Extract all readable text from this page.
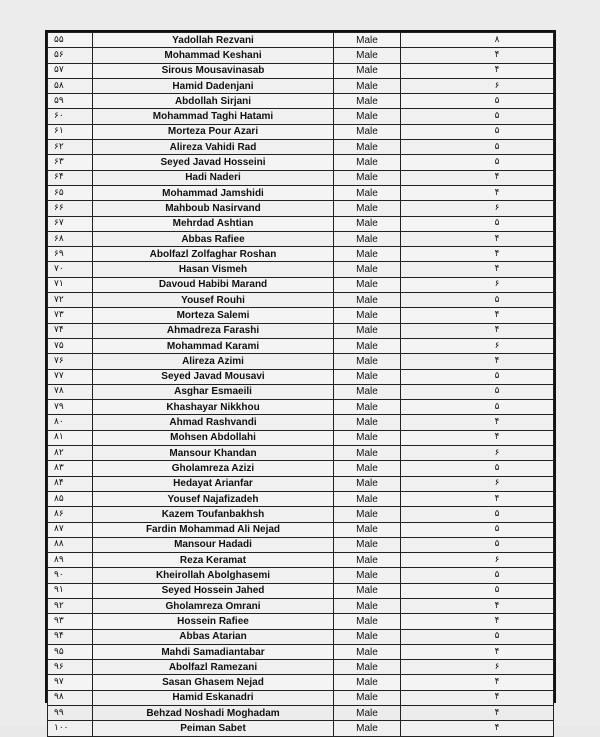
۵۵	Yadollah Rezvani	Male	۸
۵۶	Mohammad Keshani	Male	۴
۵۷	Sirous Mousavinasab	Male	۴
۵۸	Hamid Dadenjani	Male	۶
۵۹	Abdollah Sirjani	Male	۵
۶۰	Mohammad Taghi Hatami	Male	۵
۶۱	Morteza Pour Azari	Male	۵
۶۲	Alireza Vahidi Rad	Male	۵
۶۳	Seyed Javad Hosseini	Male	۵
۶۴	Hadi Naderi	Male	۴
۶۵	Mohammad Jamshidi	Male	۴
۶۶	Mahboub Nasirvand	Male	۶
۶۷	Mehrdad Ashtian	Male	۵
۶۸	Abbas Rafiee	Male	۴
۶۹	Abolfazl Zolfaghar Roshan	Male	۴
۷۰	Hasan Vismeh	Male	۴
۷۱	Davoud Habibi Marand	Male	۶
۷۲	Yousef Rouhi	Male	۵
۷۳	Morteza Salemi	Male	۴
۷۴	Ahmadreza Farashi	Male	۴
۷۵	Mohammad Karami	Male	۶
۷۶	Alireza Azimi	Male	۴
۷۷	Seyed Javad Mousavi	Male	۵
۷۸	Asghar Esmaeili	Male	۵
۷۹	Khashayar Nikkhou	Male	۵
۸۰	Ahmad Rashvandi	Male	۴
۸۱	Mohsen Abdollahi	Male	۴
۸۲	Mansour Khandan	Male	۶
۸۳	Gholamreza Azizi	Male	۵
۸۴	Hedayat Arianfar	Male	۶
۸۵	Yousef Najafizadeh	Male	۴
۸۶	Kazem Toufanbakhsh	Male	۵
۸۷	Fardin Mohammad Ali Nejad	Male	۵
۸۸	Mansour Hadadi	Male	۵
۸۹	Reza Keramat	Male	۶
۹۰	Kheirollah Abolghasemi	Male	۵
۹۱	Seyed Hossein Jahed	Male	۵
۹۲	Gholamreza Omrani	Male	۴
۹۳	Hossein Rafiee	Male	۴
۹۴	Abbas Atarian	Male	۵
۹۵	Mahdi Samadiantabar	Male	۴
۹۶	Abolfazl Ramezani	Male	۶
۹۷	Sasan Ghasem Nejad	Male	۴
۹۸	Hamid Eskanadri	Male	۴
۹۹	Behzad Noshadi Moghadam	Male	۴
۱۰۰	Peiman Sabet	Male	۴
